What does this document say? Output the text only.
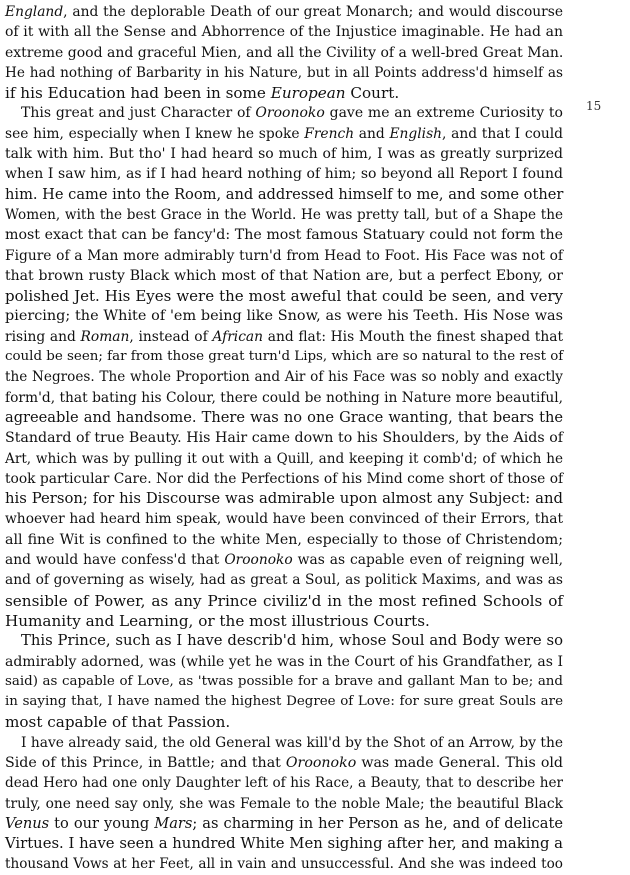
England, and the deplorable Death of our great Monarch; and would discourse
of it with all the Sense and Abhorrence of the Injustice imaginable. He had an
extreme good and graceful Mien, and all the Civility of a well-bred Great Man.
He had nothing of Barbarity in his Nature, but in all Points address'd himself as
if his Education had been in some European Court.
This great and just Character of Oroonoko gave me an extreme Curiosity to
see him, especially when I knew he spoke French and English, and that I could
talk with him. But tho' I had heard so much of him, I was as greatly surprized
when I saw him, as if I had heard nothing of him; so beyond all Report I found
him. He came into the Room, and addressed himself to me, and some other
Women, with the best Grace in the World. He was pretty tall, but of a Shape the
most exact that can be fancy'd: The most famous Statuary could not form the
Figure of a Man more admirably turn'd from Head to Foot. His Face was not of
that brown rusty Black which most of that Nation are, but a perfect Ebony, or
polished Jet. His Eyes were the most aweful that could be seen, and very
piercing; the White of 'em being like Snow, as were his Teeth. His Nose was
rising and Roman, instead of African and flat: His Mouth the finest shaped that
could be seen; far from those great turn'd Lips, which are so natural to the rest of
the Negroes. The whole Proportion and Air of his Face was so nobly and exactly
form'd, that bating his Colour, there could be nothing in Nature more beautiful,
agreeable and handsome. There was no one Grace wanting, that bears the
Standard of true Beauty. His Hair came down to his Shoulders, by the Aids of
Art, which was by pulling it out with a Quill, and keeping it comb'd; of which he
took particular Care. Nor did the Perfections of his Mind come short of those of
his Person; for his Discourse was admirable upon almost any Subject: and
whoever had heard him speak, would have been convinced of their Errors, that
all fine Wit is confined to the white Men, especially to those of Christendom;
and would have confess'd that Oroonoko was as capable even of reigning well,
and of governing as wisely, had as great a Soul, as politick Maxims, and was as
sensible of Power, as any Prince civiliz'd in the most refined Schools of
Humanity and Learning, or the most illustrious Courts.
This Prince, such as I have describ'd him, whose Soul and Body were so
admirably adorned, was (while yet he was in the Court of his Grandfather, as I
said) as capable of Love, as 'twas possible for a brave and gallant Man to be; and
in saying that, I have named the highest Degree of Love: for sure great Souls are
most capable of that Passion.
I have already said, the old General was kill'd by the Shot of an Arrow, by the
Side of this Prince, in Battle; and that Oroonoko was made General. This old
dead Hero had one only Daughter left of his Race, a Beauty, that to describe her
truly, one need say only, she was Female to the noble Male; the beautiful Black
Venus to our young Mars; as charming in her Person as he, and of delicate
Virtues. I have seen a hundred White Men sighing after her, and making a
thousand Vows at her Feet, all in vain and unsuccessful. And she was indeed too
15
